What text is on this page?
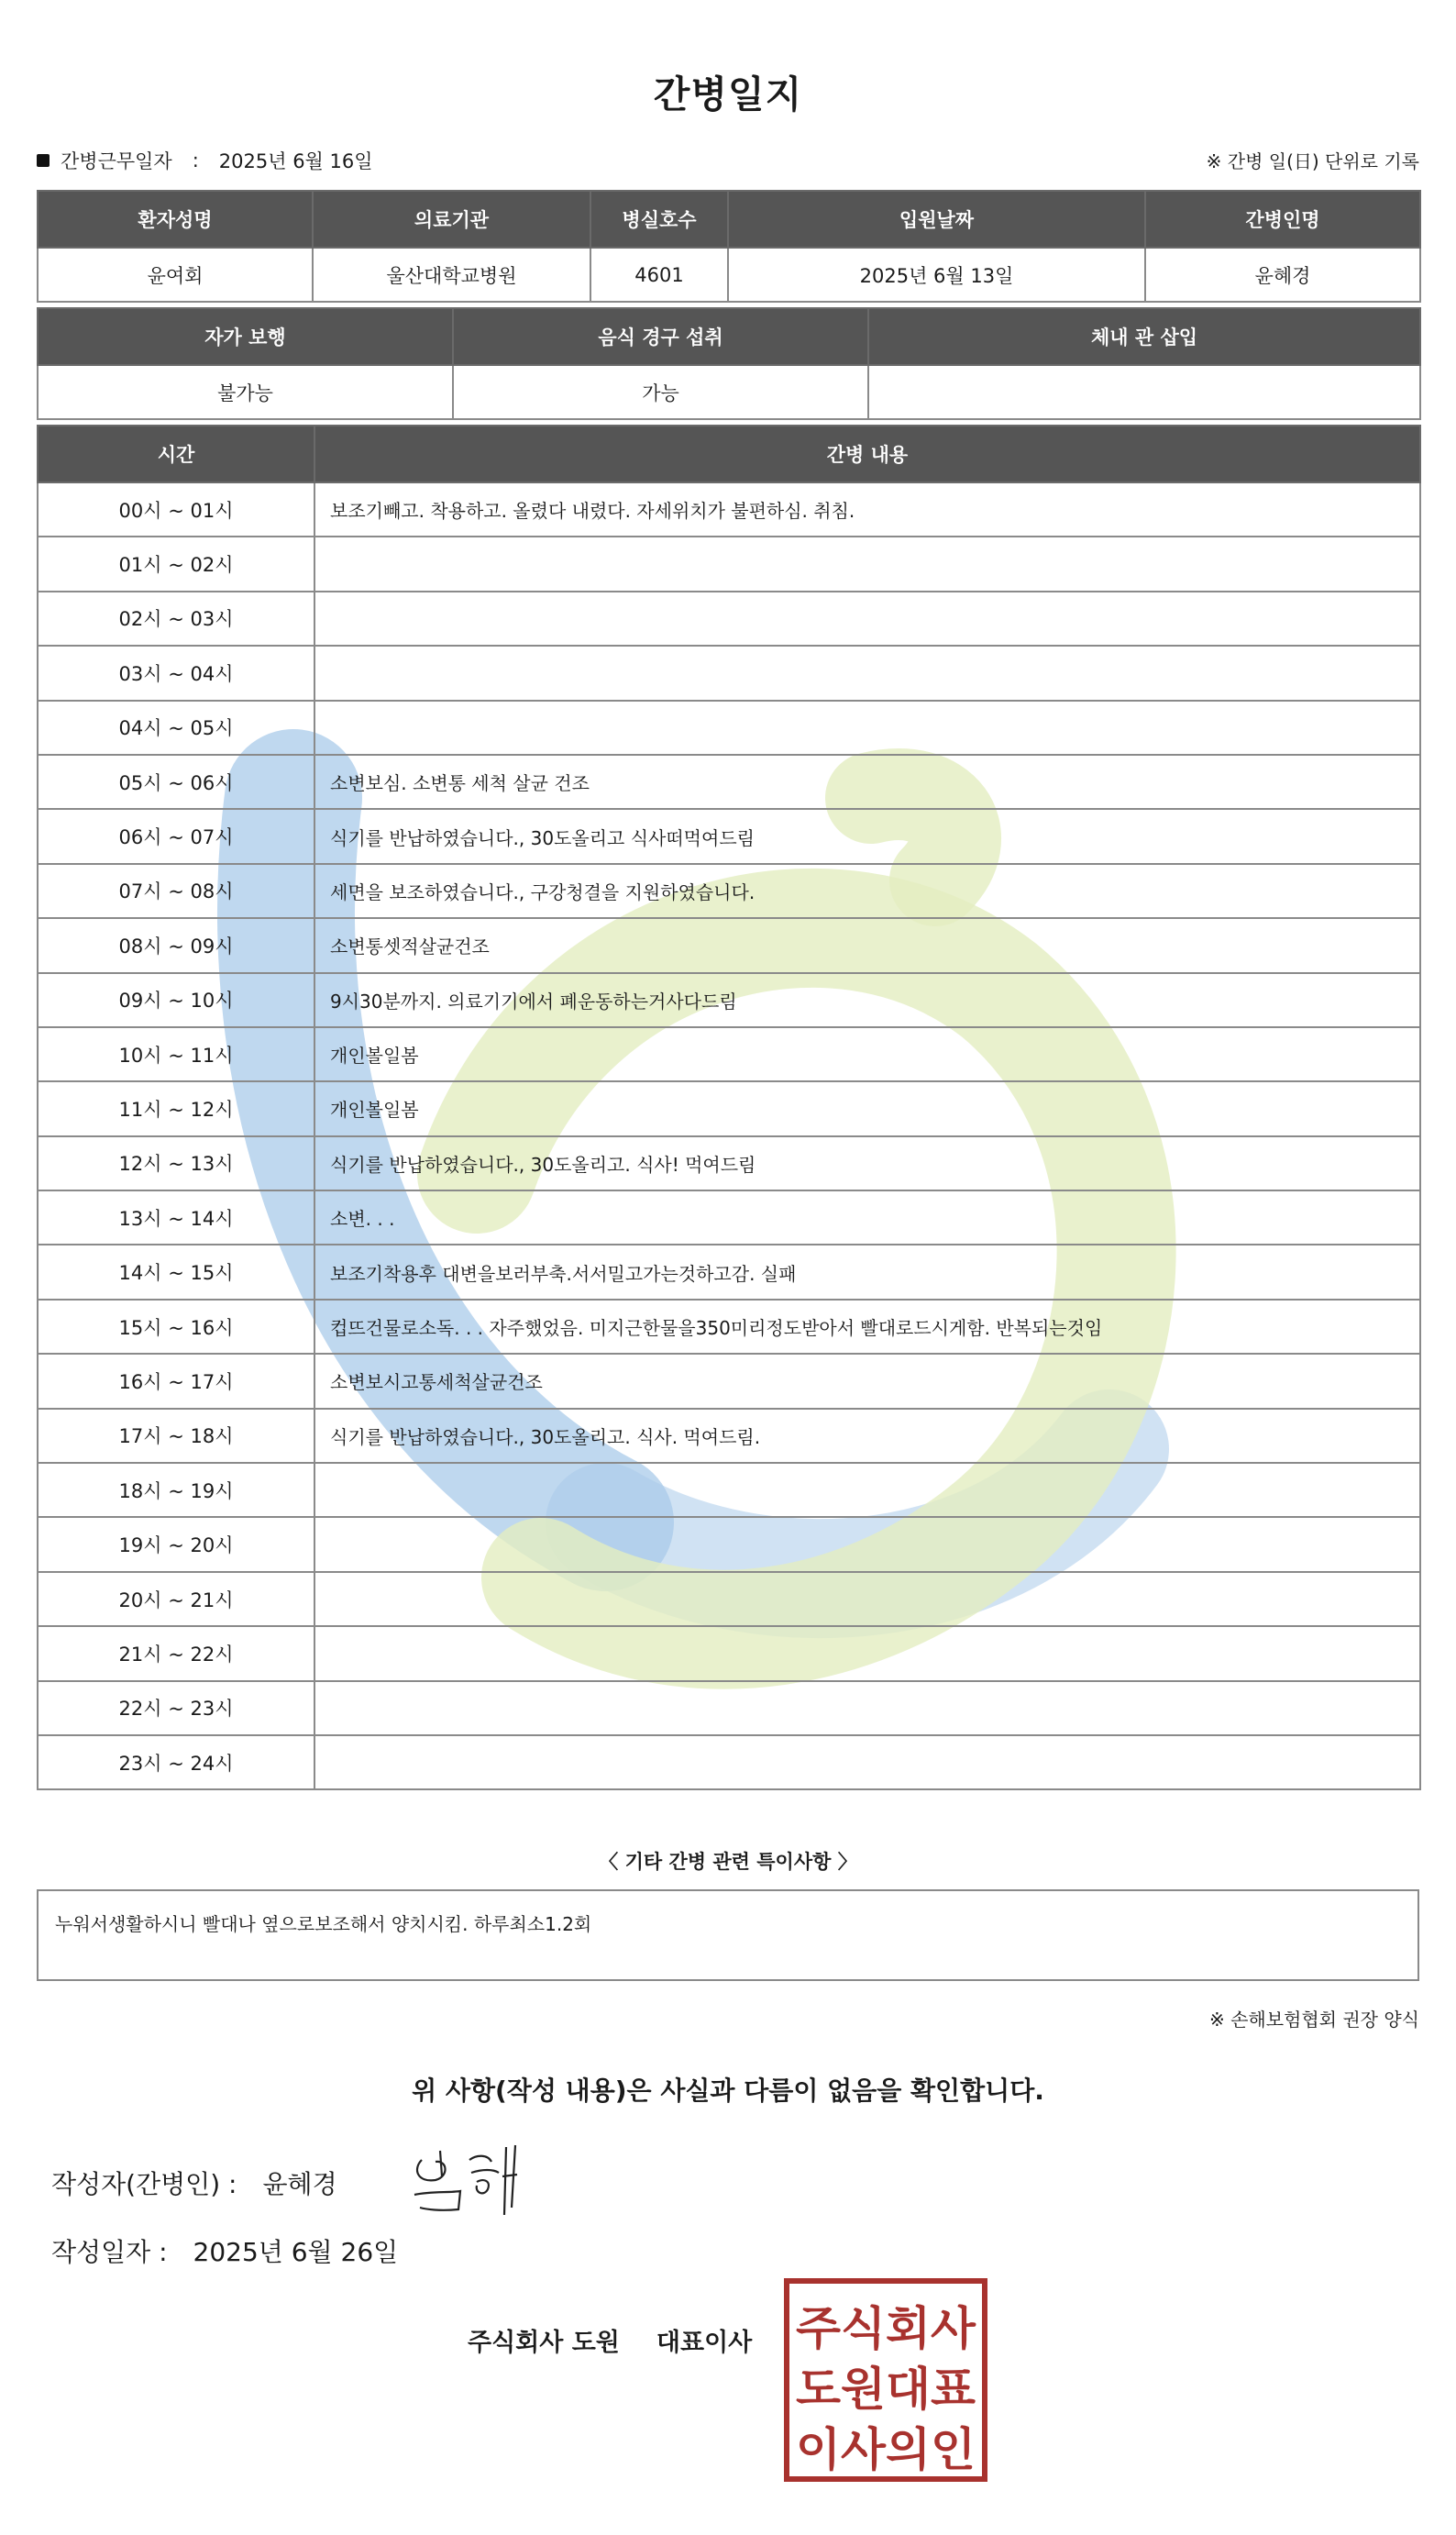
간병일지
간병근무일자 : 2025년 6월 16일	※ 간병 일(日) 단위로 기록
환자성명	의료기관	병실호수	입원날짜	간병인명
윤여회	울산대학교병원	4601	2025년 6월 13일	윤혜경
자가 보행	음식 경구 섭취	체내 관 삽입
불가능	가능	
시간	간병 내용
00시 ~ 01시	보조기빼고. 착용하고. 올렸다 내렸다. 자세위치가 불편하심. 취침.
01시 ~ 02시	
02시 ~ 03시	
03시 ~ 04시	
04시 ~ 05시	
05시 ~ 06시	소변보심. 소변통 세척 살균 건조
06시 ~ 07시	식기를 반납하였습니다., 30도올리고 식사떠먹여드림
07시 ~ 08시	세면을 보조하였습니다., 구강청결을 지원하였습니다.
08시 ~ 09시	소변통셋적살균건조
09시 ~ 10시	9시30분까지. 의료기기에서 폐운동하는거사다드림
10시 ~ 11시	개인볼일봄
11시 ~ 12시	개인볼일봄
12시 ~ 13시	식기를 반납하였습니다., 30도올리고. 식사! 먹여드림
13시 ~ 14시	소변. . .
14시 ~ 15시	보조기착용후 대변을보러부축.서서밀고가는것하고감. 실패
15시 ~ 16시	컵뜨건물로소독. . . 자주했었음. 미지근한물을350미리정도받아서 빨대로드시게함. 반복되는것임
16시 ~ 17시	소변보시고통세척살균건조
17시 ~ 18시	식기를 반납하였습니다., 30도올리고. 식사. 먹여드림.
18시 ~ 19시	
19시 ~ 20시	
20시 ~ 21시	
21시 ~ 22시	
22시 ~ 23시	
23시 ~ 24시	
〈 기타 간병 관련 특이사항 〉
누워서생활하시니 빨대나 옆으로보조해서 양치시킴. 하루최소1.2회
※ 손해보험협회 권장 양식
위 사항(작성 내용)은 사실과 다름이 없음을 확인합니다.
작성자(간병인) : 윤혜경
작성일자 : 2025년 6월 26일
주식회사 도원 대표이사 주식회사
도원대표
이사의인
